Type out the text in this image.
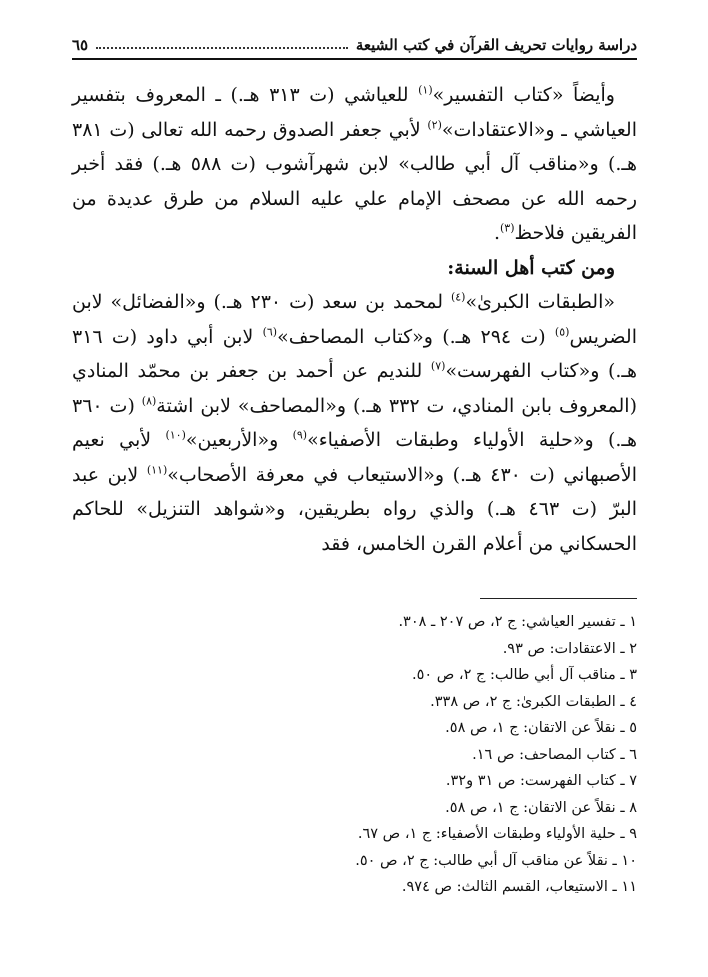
دراسة روايات تحريف القرآن في كتب الشيعة
٦٥

وأيضاً «كتاب التفسير»$^{(١)}$ للعياشي (ت ٣١٣ هـ.) ـ المعروف بتفسير العياشي ـ و«الاعتقادات»$^{(٢)}$ لأبي جعفر الصدوق رحمه الله تعالى (ت ٣٨١ هـ.) و«مناقب آل أبي طالب» لابن شهرآشوب (ت ٥٨٨ هـ.) فقد أخبر رحمه الله عن مصحف الإمام علي عليه السلام من طرق عديدة من الفريقين فلاحظ$^{(٣)}$.

ومن كتب أهل السنة:

«الطبقات الكبرىٰ»$^{(٤)}$ لمحمد بن سعد (ت ٢٣٠ هـ.) و«الفضائل» لابن الضريس$^{(٥)}$ (ت ٢٩٤ هـ.) و«كتاب المصاحف»$^{(٦)}$ لابن أبي داود (ت ٣١٦ هـ.) و«كتاب الفهرست»$^{(٧)}$ للنديم عن أحمد بن جعفر بن محمّد المنادي (المعروف بابن المنادي، ت ٣٣٢ هـ.) و«المصاحف» لابن اشتة$^{(٨)}$ (ت ٣٦٠ هـ.) و«حلية الأولياء وطبقات الأصفياء»$^{(٩)}$ و«الأربعين»$^{(١٠)}$ لأبي نعيم الأصبهاني (ت ٤٣٠ هـ.) و«الاستيعاب في معرفة الأصحاب»$^{(١١)}$ لابن عبد البرّ (ت ٤٦٣ هـ.) والذي رواه بطريقين، و«شواهد التنزيل» للحاكم الحسكاني من أعلام القرن الخامس، فقد

١ ـ تفسير العياشي: ج ٢، ص ٢٠٧ ـ ٣٠٨.
٢ ـ الاعتقادات: ص ٩٣.
٣ ـ مناقب آل أبي طالب: ج ٢، ص ٥٠.
٤ ـ الطبقات الكبرىٰ: ج ٢، ص ٣٣٨.
٥ ـ نقلاً عن الاتقان: ج ١، ص ٥٨.
٦ ـ كتاب المصاحف: ص ١٦.
٧ ـ كتاب الفهرست: ص ٣١ و٣٢.
٨ ـ نقلاً عن الاتقان: ج ١، ص ٥٨.
٩ ـ حلية الأولياء وطبقات الأصفياء: ج ١، ص ٦٧.
١٠ ـ نقلاً عن مناقب آل أبي طالب: ج ٢، ص ٥٠.
١١ ـ الاستيعاب، القسم الثالث: ص ٩٧٤.
